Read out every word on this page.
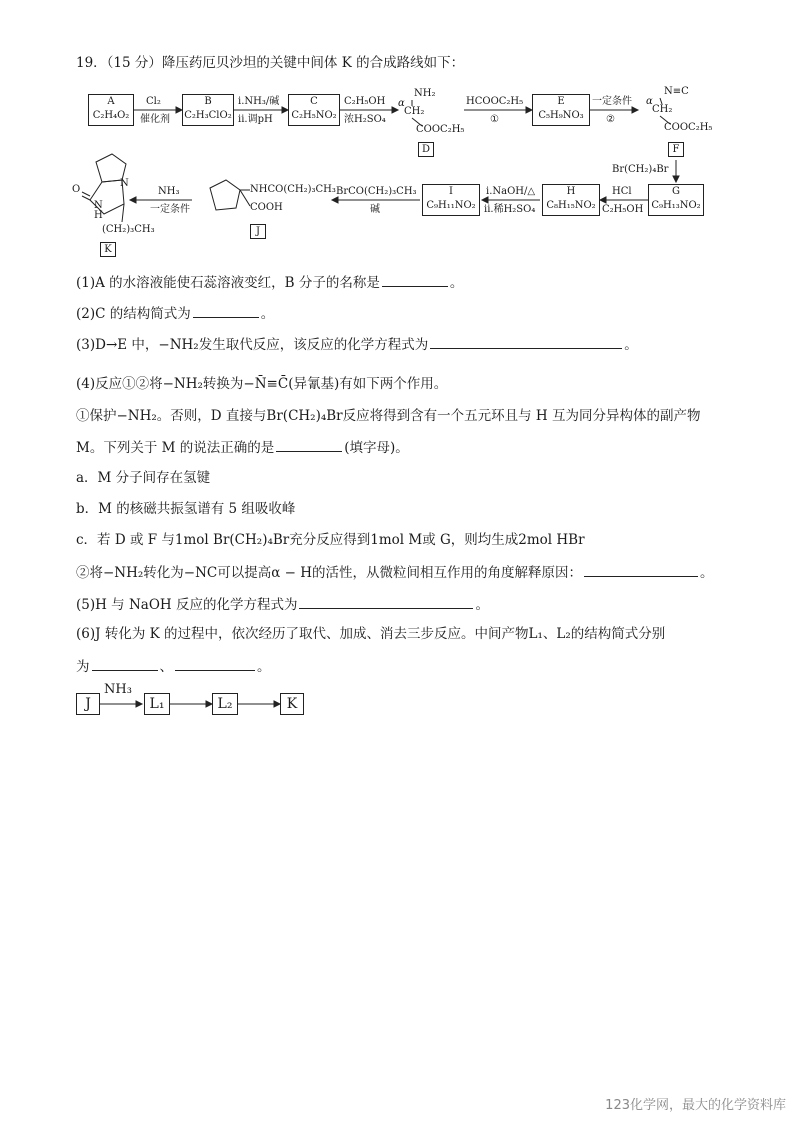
19．（15 分）降压药厄贝沙坦的关键中间体 K 的合成路线如下：
A
C₂H₄O₂
Cl₂
催化剂
B
C₂H₃ClO₂
i.NH₃/碱
ii.调pH
C
C₂H₅NO₂
C₂H₅OH
浓H₂SO₄
α
NH₂
CH₂
COOC₂H₅
D
HCOOC₂H₅
①
E
C₅H₉NO₃
一定条件
②
α
N≡C
CH₂
COOC₂H₅
F
Br(CH₂)₄Br
G
C₉H₁₃NO₂
HCl
C₂H₅OH
H
C₈H₁₅NO₂
i.NaOH/△
ii.稀H₂SO₄
I
C₉H₁₁NO₂
BrCO(CH₂)₃CH₃
碱
NHCO(CH₂)₃CH₃
COOH
J
NH₃
一定条件
O
N
N
H
(CH₂)₃CH₃
K
(1)A 的水溶液能使石蕊溶液变红，B 分子的名称是	。
(2)C 的结构简式为	。
(3)D→E 中，−NH₂发生取代反应，该反应的化学方程式为	。
(4)反应①②将−NH₂转换为−N̄≡C̄(异氰基)有如下两个作用。
①保护−NH₂。否则，D 直接与Br(CH₂)₄Br反应将得到含有一个五元环且与 H 互为同分异构体的副产物
M。下列关于 M 的说法正确的是	(填字母)。
a．M 分子间存在氢键
b．M 的核磁共振氢谱有 5 组吸收峰
c．若 D 或 F 与1mol Br(CH₂)₄Br充分反应得到1mol M或 G，则均生成2mol HBr
②将−NH₂转化为−NC可以提高α − H的活性，从微粒间相互作用的角度解释原因：	。
(5)H 与 NaOH 反应的化学方程式为	。
(6)J 转化为 K 的过程中，依次经历了取代、加成、消去三步反应。中间产物L₁、L₂的结构简式分别
为	、	。
J
NH₃
L₁	L₂	K
123化学网，最大的化学资料库
